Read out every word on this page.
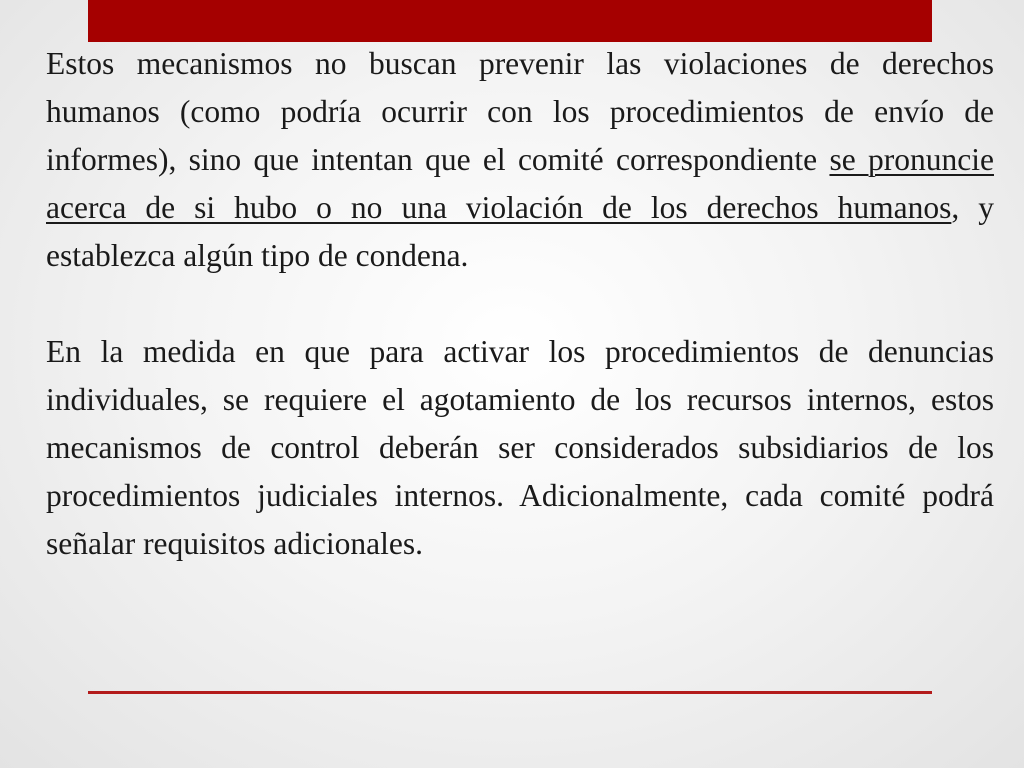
Estos mecanismos no buscan prevenir las violaciones de derechos humanos (como podría ocurrir con los procedimientos de envío de informes), sino que intentan que el comité correspondiente se pronuncie acerca de si hubo o no una violación de los derechos humanos, y establezca algún tipo de condena.

En la medida en que para activar los procedimientos de denuncias individuales, se requiere el agotamiento de los recursos internos, estos mecanismos de control deberán ser considerados subsidiarios de los procedimientos judiciales internos. Adicionalmente, cada comité podrá señalar requisitos adicionales.
